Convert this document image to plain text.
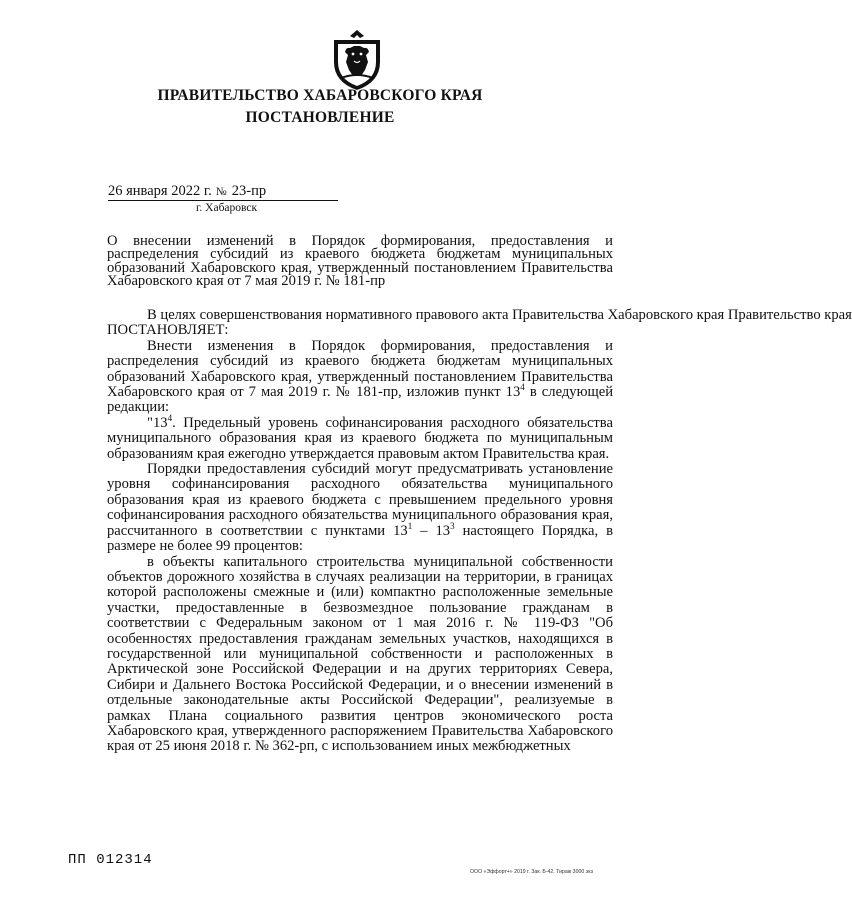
ПРАВИТЕЛЬСТВО ХАБАРОВСКОГО КРАЯ
ПОСТАНОВЛЕНИЕ
26 января 2022 г. № 23-пр
г. Хабаровск
О внесении изменений в Порядок формирования, предоставления и распределения субсидий из краевого бюджета бюджетам муниципальных образований Хабаровского края, утвержденный постановлением Правительства Хабаровского края от 7 мая 2019 г. № 181-пр

В целях совершенствования нормативного правового акта Правительства Хабаровского края Правительство края

ПОСТАНОВЛЯЕТ:

Внести изменения в Порядок формирования, предоставления и распределения субсидий из краевого бюджета бюджетам муниципальных образований Хабаровского края, утвержденный постановлением Правительства Хабаровского края от 7 мая 2019 г. № 181-пр, изложив пункт $13^4$ в следующей редакции:

"$13^4$. Предельный уровень софинансирования расходного обязательства муниципального образования края из краевого бюджета по муниципальным образованиям края ежегодно утверждается правовым актом Правительства края.

Порядки предоставления субсидий могут предусматривать установление уровня софинансирования расходного обязательства муниципального образования края из краевого бюджета с превышением предельного уровня софинансирования расходного обязательства муниципального образования края, рассчитанного в соответствии с пунктами $13^1 - 13^3$ настоящего Порядка, в размере не более 99 процентов:

в объекты капитального строительства муниципальной собственности объектов дорожного хозяйства в случаях реализации на территории, в границах которой расположены смежные и (или) компактно расположенные земельные участки, предоставленные в безвозмездное пользование гражданам в соответствии с Федеральным законом от 1 мая 2016 г. № 119-ФЗ "Об особенностях предоставления гражданам земельных участков, находящихся в государственной или муниципальной собственности и расположенных в Арктической зоне Российской Федерации и на других территориях Севера, Сибири и Дальнего Востока Российской Федерации, и о внесении изменений в отдельные законодательные акты Российской Федерации", реализуемые в рамках Плана социального развития центров экономического роста Хабаровского края, утвержденного распоряжением Правительства Хабаровского края от 25 июня 2018 г. № 362-рп, с использованием иных межбюджетных

ПП 012314
ООО «Эффорт+» 2019 г. Зак. Б-42. Тираж 3000 экз
